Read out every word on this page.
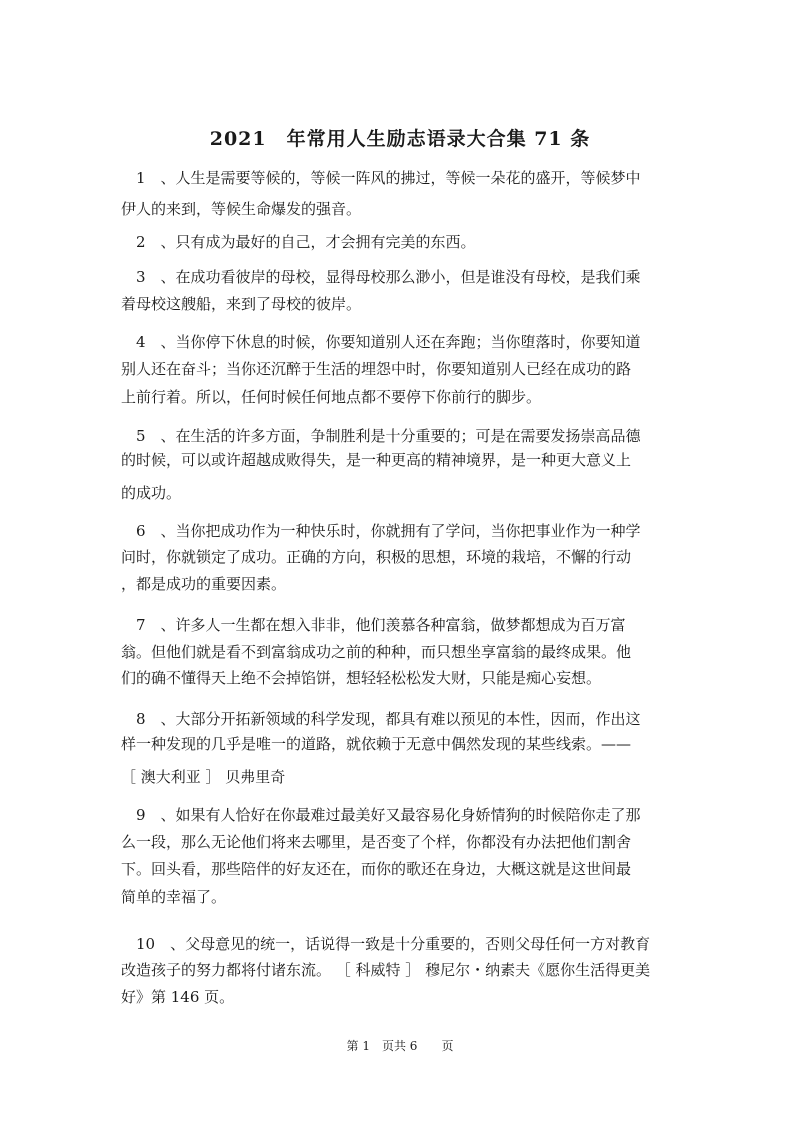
2021　年常用人生励志语录大合集 71 条

　1　、人生是需要等候的，等候一阵风的拂过，等候一朵花的盛开，等候梦中

伊人的来到，等候生命爆发的强音。

　2　、只有成为最好的自己，才会拥有完美的东西。

　3　、在成功看彼岸的母校，显得母校那么渺小，但是谁没有母校，是我们乘

着母校这艘船，来到了母校的彼岸。

　4　、当你停下休息的时候，你要知道别人还在奔跑；当你堕落时，你要知道

别人还在奋斗；当你还沉醉于生活的埋怨中时，你要知道别人已经在成功的路

上前行着。所以，任何时候任何地点都不要停下你前行的脚步。

　5　、在生活的许多方面，争制胜利是十分重要的；可是在需要发扬崇高品德

的时候，可以或许超越成败得失，是一种更高的精神境界，是一种更大意义上

的成功。

　6　、当你把成功作为一种快乐时，你就拥有了学问，当你把事业作为一种学

问时，你就锁定了成功。正确的方向，积极的思想，环境的栽培，不懈的行动

，都是成功的重要因素。

　7　、许多人一生都在想入非非，他们羡慕各种富翁，做梦都想成为百万富

翁。但他们就是看不到富翁成功之前的种种，而只想坐享富翁的最终成果。他

们的确不懂得天上绝不会掉馅饼，想轻轻松松发大财，只能是痴心妄想。

　8　、大部分开拓新领域的科学发现，都具有难以预见的本性，因而，作出这

样一种发现的几乎是唯一的道路，就依赖于无意中偶然发现的某些线索。——

［ 澳大利亚 ］ 贝弗里奇

　9　、如果有人恰好在你最难过最美好又最容易化身娇情狗的时候陪你走了那

么一段，那么无论他们将来去哪里，是否变了个样，你都没有办法把他们割舍

下。回头看，那些陪伴的好友还在，而你的歌还在身边，大概这就是这世间最

简单的幸福了。

　10　、父母意见的统一，话说得一致是十分重要的，否则父母任何一方对教育

改造孩子的努力都将付诸东流。 ［ 科威特 ］ 穆尼尔・纳素夫《愿你生活得更美

好》第 146 页。

第 1　页共 6　　页
